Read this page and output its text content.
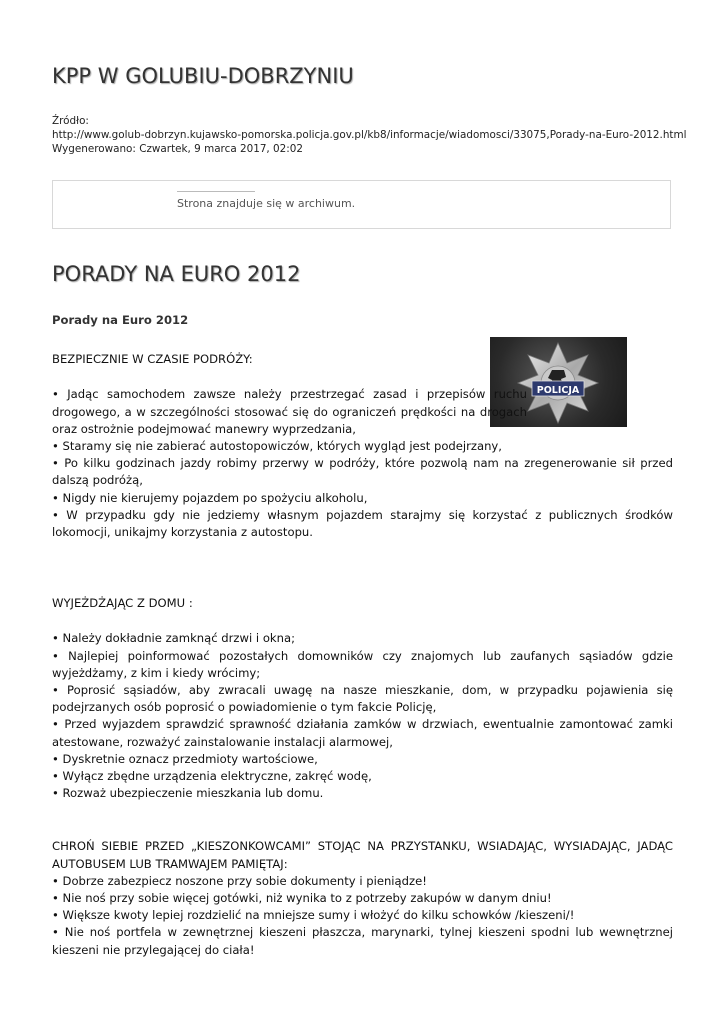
KPP W GOLUBIU-DOBRZYNIU
Źródło:
http://www.golub-dobrzyn.kujawsko-pomorska.policja.gov.pl/kb8/informacje/wiadomosci/33075,Porady-na-Euro-2012.html
Wygenerowano: Czwartek, 9 marca 2017, 02:02
Strona znajduje się w archiwum.
PORADY NA EURO 2012
POLICJA

Porady na Euro 2012

BEZPIECZNIE W CZASIE PODRÓŻY:

• Jadąc samochodem zawsze należy przestrzegać zasad i przepisów ruchu drogowego, a w szczególności stosować się do ograniczeń prędkości na drogach oraz ostrożnie podejmować manewry wyprzedzania,

• Staramy się nie zabierać autostopowiczów, których wygląd jest podejrzany,

• Po kilku godzinach jazdy robimy przerwy w podróży, które pozwolą nam na zregenerowanie sił przed dalszą podróżą,

• Nigdy nie kierujemy pojazdem po spożyciu alkoholu,

• W przypadku gdy nie jedziemy własnym pojazdem starajmy się korzystać z publicznych środków lokomocji, unikajmy korzystania z autostopu.

WYJEŻDŻAJĄC Z DOMU :

• Należy dokładnie zamknąć drzwi i okna;

• Najlepiej poinformować pozostałych domowników czy znajomych lub zaufanych sąsiadów gdzie wyjeżdżamy, z kim i kiedy wrócimy;

• Poprosić sąsiadów, aby zwracali uwagę na nasze mieszkanie, dom, w przypadku pojawienia się podejrzanych osób poprosić o powiadomienie o tym fakcie Policję,

• Przed wyjazdem sprawdzić sprawność działania zamków w drzwiach, ewentualnie zamontować zamki atestowane, rozważyć zainstalowanie instalacji alarmowej,

• Dyskretnie oznacz przedmioty wartościowe,

• Wyłącz zbędne urządzenia elektryczne, zakręć wodę,

• Rozważ ubezpieczenie mieszkania lub domu.

CHROŃ SIEBIE PRZED „KIESZONKOWCAMI” STOJĄC NA PRZYSTANKU, WSIADAJĄC, WYSIADAJĄC, JADĄC AUTOBUSEM LUB TRAMWAJEM PAMIĘTAJ:

• Dobrze zabezpiecz noszone przy sobie dokumenty i pieniądze!

• Nie noś przy sobie więcej gotówki, niż wynika to z potrzeby zakupów w danym dniu!

• Większe kwoty lepiej rozdzielić na mniejsze sumy i włożyć do kilku schowków /kieszeni/!

• Nie noś portfela w zewnętrznej kieszeni płaszcza, marynarki, tylnej kieszeni spodni lub wewnętrznej kieszeni nie przylegającej do ciała!
